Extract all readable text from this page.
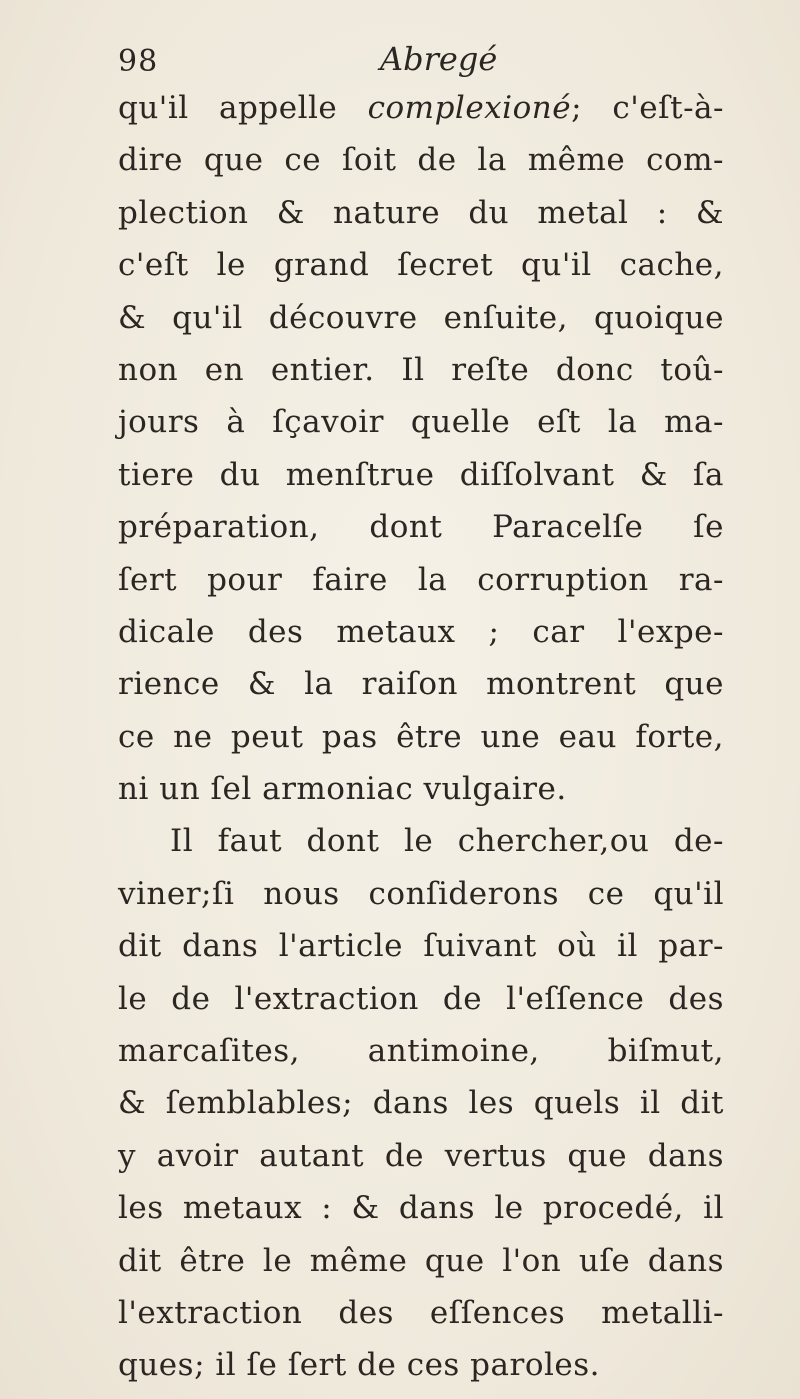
98	Abregé
qu'il appelle complexioné; c'eſt-à-
dire que ce ſoit de la même com-
plection & nature du metal : &
c'eſt le grand ſecret qu'il cache,
& qu'il découvre enſuite, quoique
non en entier. Il reſte donc toû-
jours à ſçavoir quelle eſt la ma-
tiere du menſtrue diſſolvant & ſa
préparation, dont Paracelſe ſe
ſert pour faire la corruption ra-
dicale des metaux ; car l'expe-
rience & la raiſon montrent que
ce ne peut pas être une eau forte,
ni un ſel armoniac vulgaire.
Il faut dont le chercher,ou de-
viner;ſi nous conſiderons ce qu'il
dit dans l'article ſuivant où il par-
le de l'extraction de l'eſſence des
marcaſites, antimoine, biſmut,
& ſemblables; dans les quels il dit
y avoir autant de vertus que dans
les metaux : & dans le procedé, il
dit être le même que l'on uſe dans
l'extraction des eſſences metalli-
ques; il ſe ſert de ces paroles.
